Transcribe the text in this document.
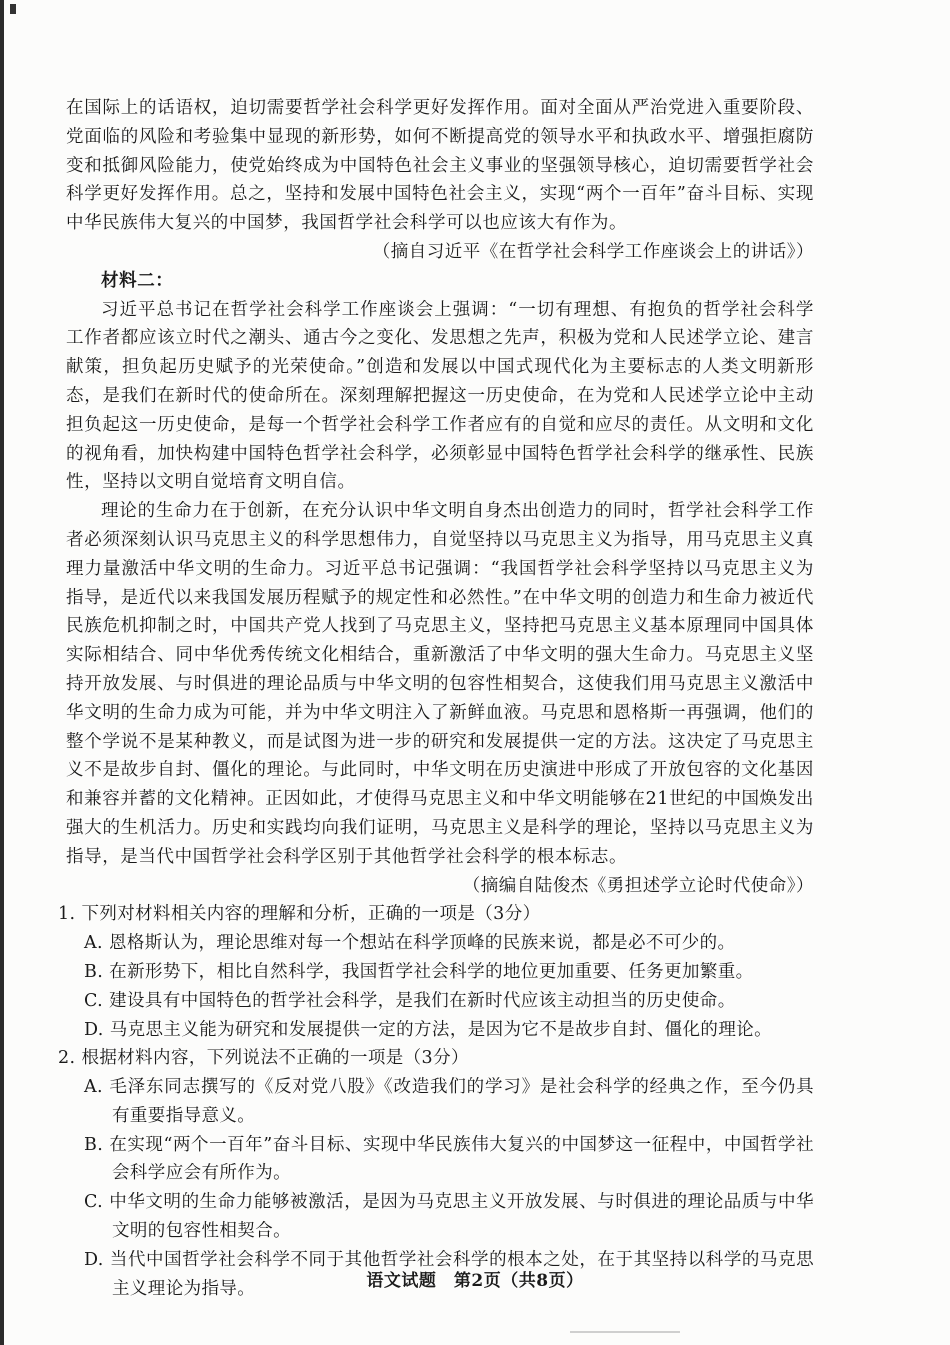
在国际上的话语权，迫切需要哲学社会科学更好发挥作用。面对全面从严治党进入重要阶段、党面临的风险和考验集中显现的新形势，如何不断提高党的领导水平和执政水平、增强拒腐防变和抵御风险能力，使党始终成为中国特色社会主义事业的坚强领导核心，迫切需要哲学社会科学更好发挥作用。总之，坚持和发展中国特色社会主义，实现“两个一百年”奋斗目标、实现中华民族伟大复兴的中国梦，我国哲学社会科学可以也应该大有作为。

（摘自习近平《在哲学社会科学工作座谈会上的讲话》）

材料二：

习近平总书记在哲学社会科学工作座谈会上强调：“一切有理想、有抱负的哲学社会科学工作者都应该立时代之潮头、通古今之变化、发思想之先声，积极为党和人民述学立论、建言献策，担负起历史赋予的光荣使命。”创造和发展以中国式现代化为主要标志的人类文明新形态，是我们在新时代的使命所在。深刻理解把握这一历史使命，在为党和人民述学立论中主动担负起这一历史使命，是每一个哲学社会科学工作者应有的自觉和应尽的责任。从文明和文化的视角看，加快构建中国特色哲学社会科学，必须彰显中国特色哲学社会科学的继承性、民族性，坚持以文明自觉培育文明自信。

理论的生命力在于创新，在充分认识中华文明自身杰出创造力的同时，哲学社会科学工作者必须深刻认识马克思主义的科学思想伟力，自觉坚持以马克思主义为指导，用马克思主义真理力量激活中华文明的生命力。习近平总书记强调：“我国哲学社会科学坚持以马克思主义为指导，是近代以来我国发展历程赋予的规定性和必然性。”在中华文明的创造力和生命力被近代民族危机抑制之时，中国共产党人找到了马克思主义，坚持把马克思主义基本原理同中国具体实际相结合、同中华优秀传统文化相结合，重新激活了中华文明的强大生命力。马克思主义坚持开放发展、与时俱进的理论品质与中华文明的包容性相契合，这使我们用马克思主义激活中华文明的生命力成为可能，并为中华文明注入了新鲜血液。马克思和恩格斯一再强调，他们的整个学说不是某种教义，而是试图为进一步的研究和发展提供一定的方法。这决定了马克思主义不是故步自封、僵化的理论。与此同时，中华文明在历史演进中形成了开放包容的文化基因和兼容并蓄的文化精神。正因如此，才使得马克思主义和中华文明能够在21世纪的中国焕发出强大的生机活力。历史和实践均向我们证明，马克思主义是科学的理论，坚持以马克思主义为指导，是当代中国哲学社会科学区别于其他哲学社会科学的根本标志。

（摘编自陆俊杰《勇担述学立论时代使命》）

1. 下列对材料相关内容的理解和分析，正确的一项是（3分）

A. 恩格斯认为，理论思维对每一个想站在科学顶峰的民族来说，都是必不可少的。

B. 在新形势下，相比自然科学，我国哲学社会科学的地位更加重要、任务更加繁重。

C. 建设具有中国特色的哲学社会科学，是我们在新时代应该主动担当的历史使命。

D. 马克思主义能为研究和发展提供一定的方法，是因为它不是故步自封、僵化的理论。

2. 根据材料内容，下列说法不正确的一项是（3分）

A. 毛泽东同志撰写的《反对党八股》《改造我们的学习》是社会科学的经典之作，至今仍具有重要指导意义。

B. 在实现“两个一百年”奋斗目标、实现中华民族伟大复兴的中国梦这一征程中，中国哲学社会科学应会有所作为。

C. 中华文明的生命力能够被激活，是因为马克思主义开放发展、与时俱进的理论品质与中华文明的包容性相契合。

D. 当代中国哲学社会科学不同于其他哲学社会科学的根本之处，在于其坚持以科学的马克思主义理论为指导。	语文试题　第2页（共8页）
